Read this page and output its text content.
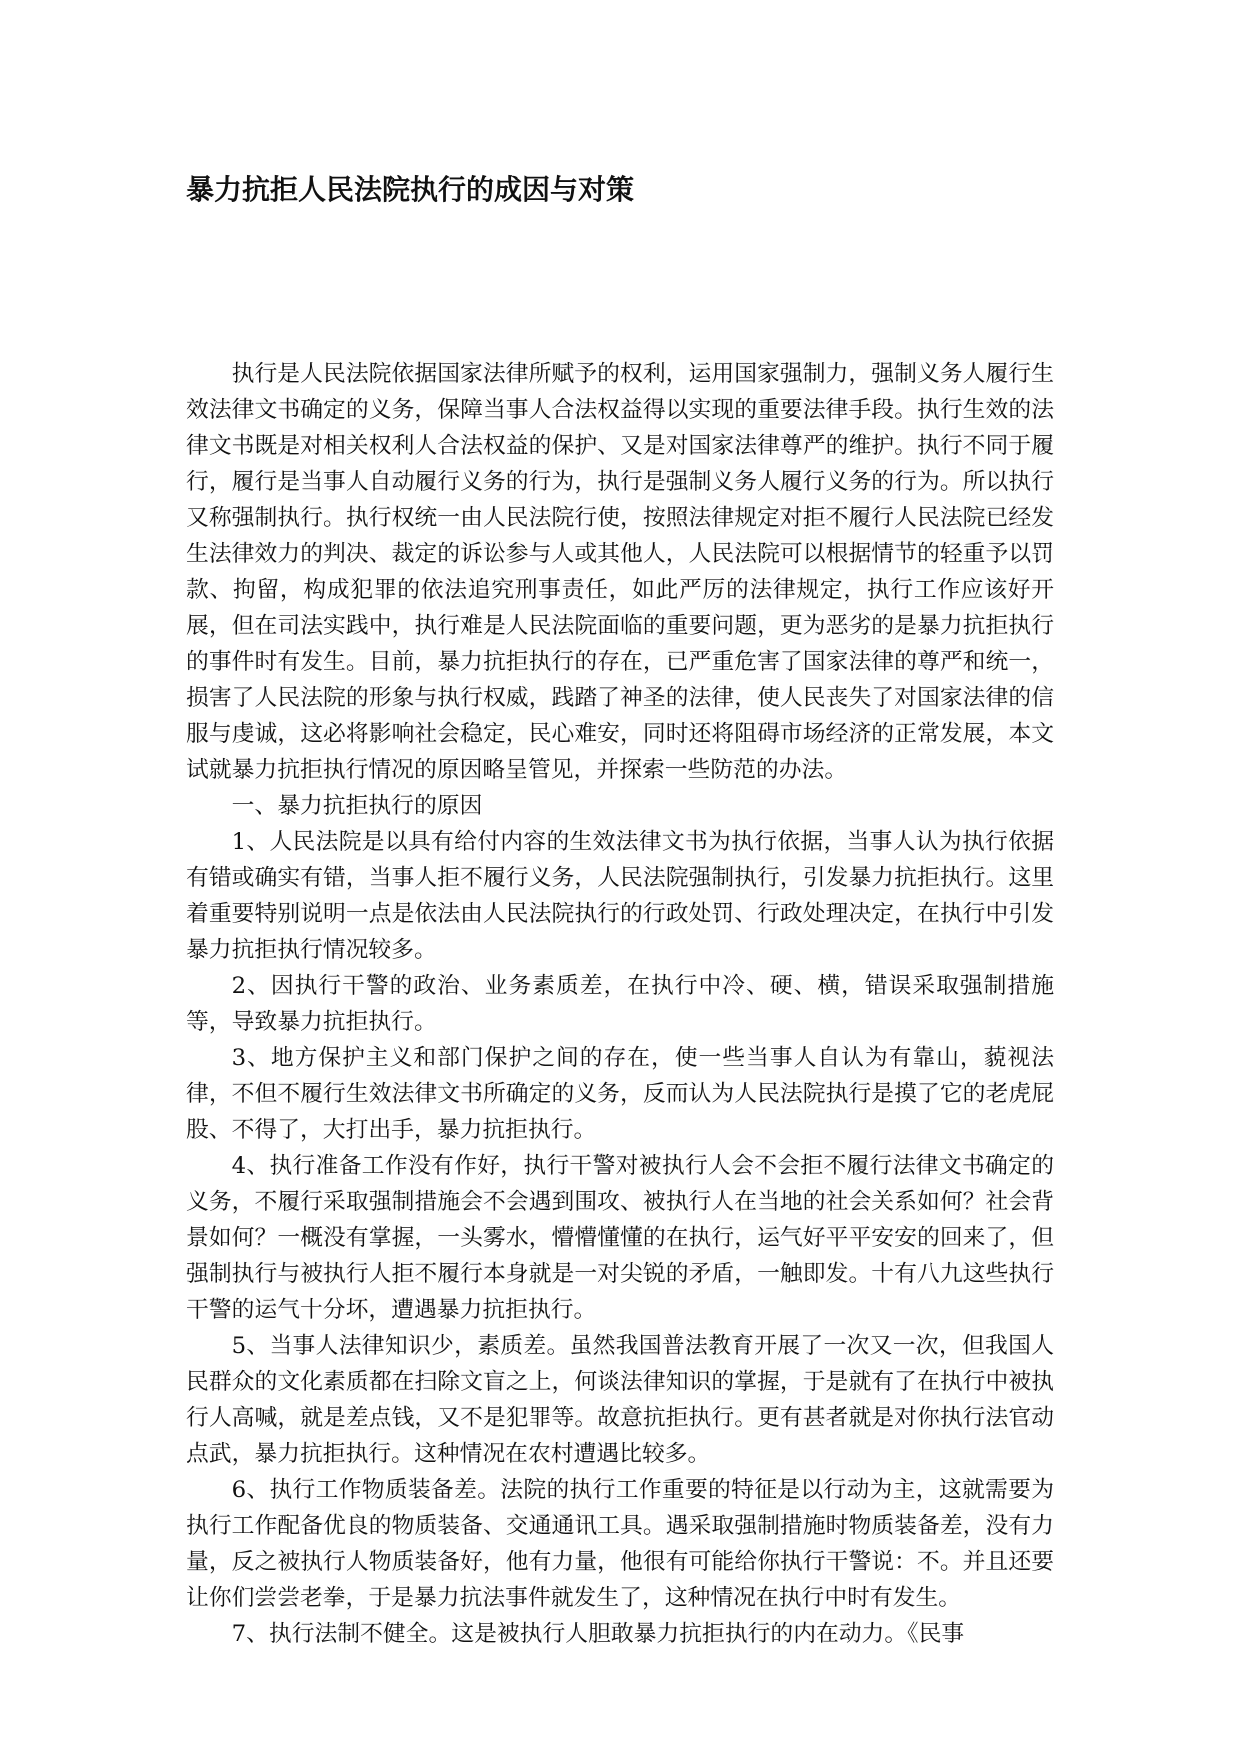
暴力抗拒人民法院执行的成因与对策

执行是人民法院依据国家法律所赋予的权利，运用国家强制力，强制义务人履行生效法律文书确定的义务，保障当事人合法权益得以实现的重要法律手段。执行生效的法律文书既是对相关权利人合法权益的保护、又是对国家法律尊严的维护。执行不同于履行，履行是当事人自动履行义务的行为，执行是强制义务人履行义务的行为。所以执行又称强制执行。执行权统一由人民法院行使，按照法律规定对拒不履行人民法院已经发生法律效力的判决、裁定的诉讼参与人或其他人，人民法院可以根据情节的轻重予以罚款、拘留，构成犯罪的依法追究刑事责任，如此严厉的法律规定，执行工作应该好开展，但在司法实践中，执行难是人民法院面临的重要问题，更为恶劣的是暴力抗拒执行的事件时有发生。目前，暴力抗拒执行的存在，已严重危害了国家法律的尊严和统一，损害了人民法院的形象与执行权威，践踏了神圣的法律，使人民丧失了对国家法律的信服与虔诚，这必将影响社会稳定，民心难安，同时还将阻碍市场经济的正常发展，本文试就暴力抗拒执行情况的原因略呈管见，并探索一些防范的办法。

一、暴力抗拒执行的原因

1、人民法院是以具有给付内容的生效法律文书为执行依据，当事人认为执行依据有错或确实有错，当事人拒不履行义务，人民法院强制执行，引发暴力抗拒执行。这里着重要特别说明一点是依法由人民法院执行的行政处罚、行政处理决定，在执行中引发暴力抗拒执行情况较多。

2、因执行干警的政治、业务素质差，在执行中冷、硬、横，错误采取强制措施等，导致暴力抗拒执行。

3、地方保护主义和部门保护之间的存在，使一些当事人自认为有靠山，藐视法律，不但不履行生效法律文书所确定的义务，反而认为人民法院执行是摸了它的老虎屁股、不得了，大打出手，暴力抗拒执行。

4、执行准备工作没有作好，执行干警对被执行人会不会拒不履行法律文书确定的义务，不履行采取强制措施会不会遇到围攻、被执行人在当地的社会关系如何？社会背景如何？一概没有掌握，一头雾水，懵懵懂懂的在执行，运气好平平安安的回来了，但强制执行与被执行人拒不履行本身就是一对尖锐的矛盾，一触即发。十有八九这些执行干警的运气十分坏，遭遇暴力抗拒执行。

5、当事人法律知识少，素质差。虽然我国普法教育开展了一次又一次，但我国人民群众的文化素质都在扫除文盲之上，何谈法律知识的掌握，于是就有了在执行中被执行人高喊，就是差点钱，又不是犯罪等。故意抗拒执行。更有甚者就是对你执行法官动点武，暴力抗拒执行。这种情况在农村遭遇比较多。

6、执行工作物质装备差。法院的执行工作重要的特征是以行动为主，这就需要为执行工作配备优良的物质装备、交通通讯工具。遇采取强制措施时物质装备差，没有力量，反之被执行人物质装备好，他有力量，他很有可能给你执行干警说：不。并且还要让你们尝尝老拳，于是暴力抗法事件就发生了，这种情况在执行中时有发生。

7、执行法制不健全。这是被执行人胆敢暴力抗拒执行的内在动力。《民事
